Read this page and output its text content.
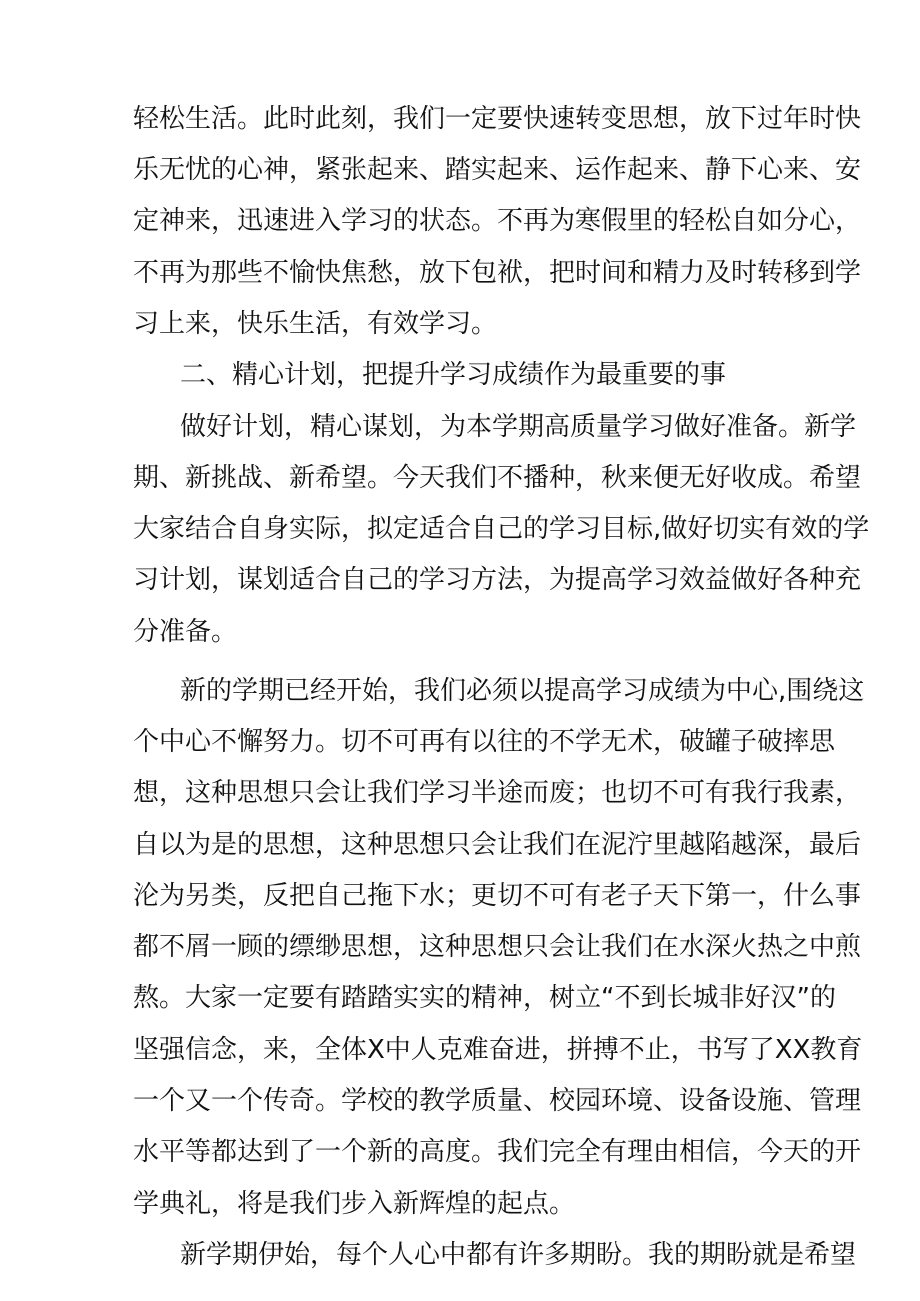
轻松生活。此时此刻，我们一定要快速转变思想，放下过年时快
乐无忧的心神，紧张起来、踏实起来、运作起来、静下心来、安
定神来，迅速进入学习的状态。不再为寒假里的轻松自如分心，
不再为那些不愉快焦愁，放下包袱，把时间和精力及时转移到学
习上来，快乐生活，有效学习。
二、精心计划，把提升学习成绩作为最重要的事
做好计划，精心谋划，为本学期高质量学习做好准备。新学
期、新挑战、新希望。今天我们不播种，秋来便无好收成。希望
大家结合自身实际，拟定适合自己的学习目标,做好切实有效的学
习计划，谋划适合自己的学习方法，为提高学习效益做好各种充
分准备。
新的学期已经开始，我们必须以提高学习成绩为中心,围绕这
个中心不懈努力。切不可再有以往的不学无术，破罐子破摔思
想，这种思想只会让我们学习半途而废；也切不可有我行我素，
自以为是的思想，这种思想只会让我们在泥泞里越陷越深，最后
沦为另类，反把自己拖下水；更切不可有老子天下第一，什么事
都不屑一顾的缥缈思想，这种思想只会让我们在水深火热之中煎
熬。大家一定要有踏踏实实的精神，树立“不到长城非好汉”的
坚强信念，来，全体X中人克难奋进，拼搏不止，书写了XX教育
一个又一个传奇。学校的教学质量、校园环境、设备设施、管理
水平等都达到了一个新的高度。我们完全有理由相信，今天的开
学典礼，将是我们步入新辉煌的起点。
新学期伊始，每个人心中都有许多期盼。我的期盼就是希望
